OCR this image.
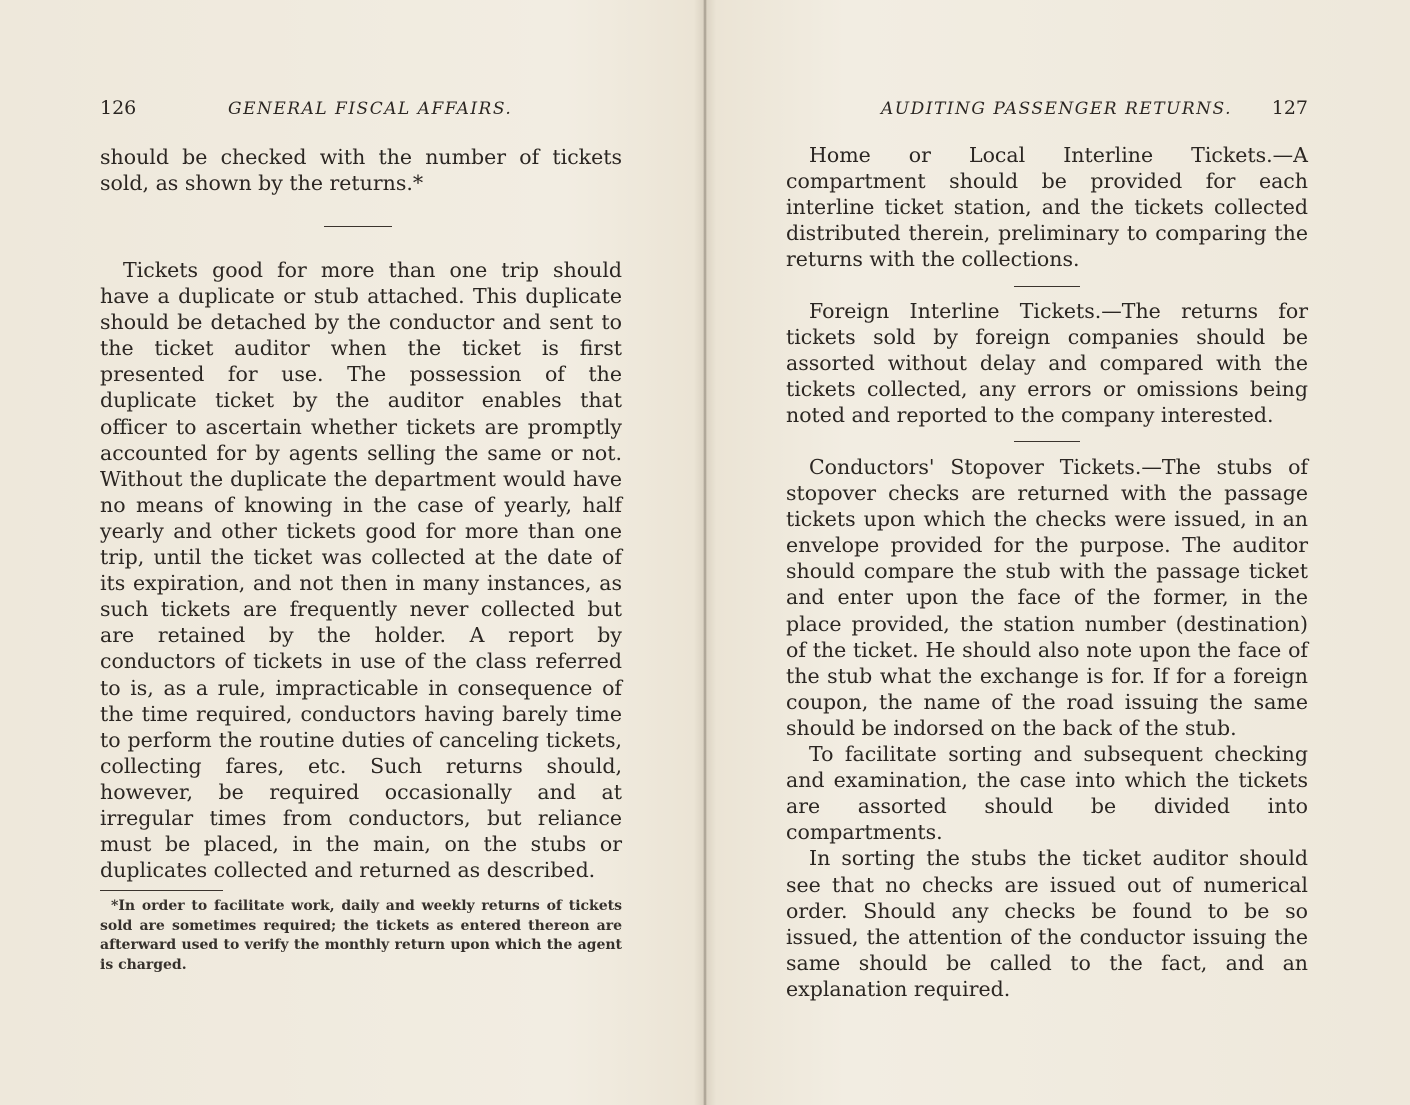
126	GENERAL FISCAL AFFAIRS.

should be checked with the number of tickets sold, as shown by the returns.*

Tickets good for more than one trip should have a duplicate or stub attached. This duplicate should be detached by the conductor and sent to the ticket auditor when the ticket is first presented for use. The possession of the duplicate ticket by the auditor enables that officer to ascertain whether tickets are promptly accounted for by agents selling the same or not. Without the duplicate the department would have no means of knowing in the case of yearly, half yearly and other tickets good for more than one trip, until the ticket was collected at the date of its expiration, and not then in many instances, as such tickets are frequently never collected but are retained by the holder. A report by conductors of tickets in use of the class referred to is, as a rule, impracticable in consequence of the time required, conductors having barely time to perform the routine duties of canceling tickets, collecting fares, etc. Such returns should, however, be required occasionally and at irregular times from conductors, but reliance must be placed, in the main, on the stubs or duplicates collected and returned as described.

*In order to facilitate work, daily and weekly returns of tickets sold are sometimes required; the tickets as entered thereon are afterward used to verify the monthly return upon which the agent is charged.

AUDITING PASSENGER RETURNS. 127

Home or Local Interline Tickets.—A compartment should be provided for each interline ticket station, and the tickets collected distributed therein, preliminary to comparing the returns with the collections.

Foreign Interline Tickets.—The returns for tickets sold by foreign companies should be assorted without delay and compared with the tickets collected, any errors or omissions being noted and reported to the company interested.

Conductors' Stopover Tickets.—The stubs of stopover checks are returned with the passage tickets upon which the checks were issued, in an envelope provided for the purpose. The auditor should compare the stub with the passage ticket and enter upon the face of the former, in the place provided, the station number (destination) of the ticket. He should also note upon the face of the stub what the exchange is for. If for a foreign coupon, the name of the road issuing the same should be indorsed on the back of the stub.

To facilitate sorting and subsequent checking and examination, the case into which the tickets are assorted should be divided into compartments.

In sorting the stubs the ticket auditor should see that no checks are issued out of numerical order. Should any checks be found to be so issued, the attention of the conductor issuing the same should be called to the fact, and an explanation required.
